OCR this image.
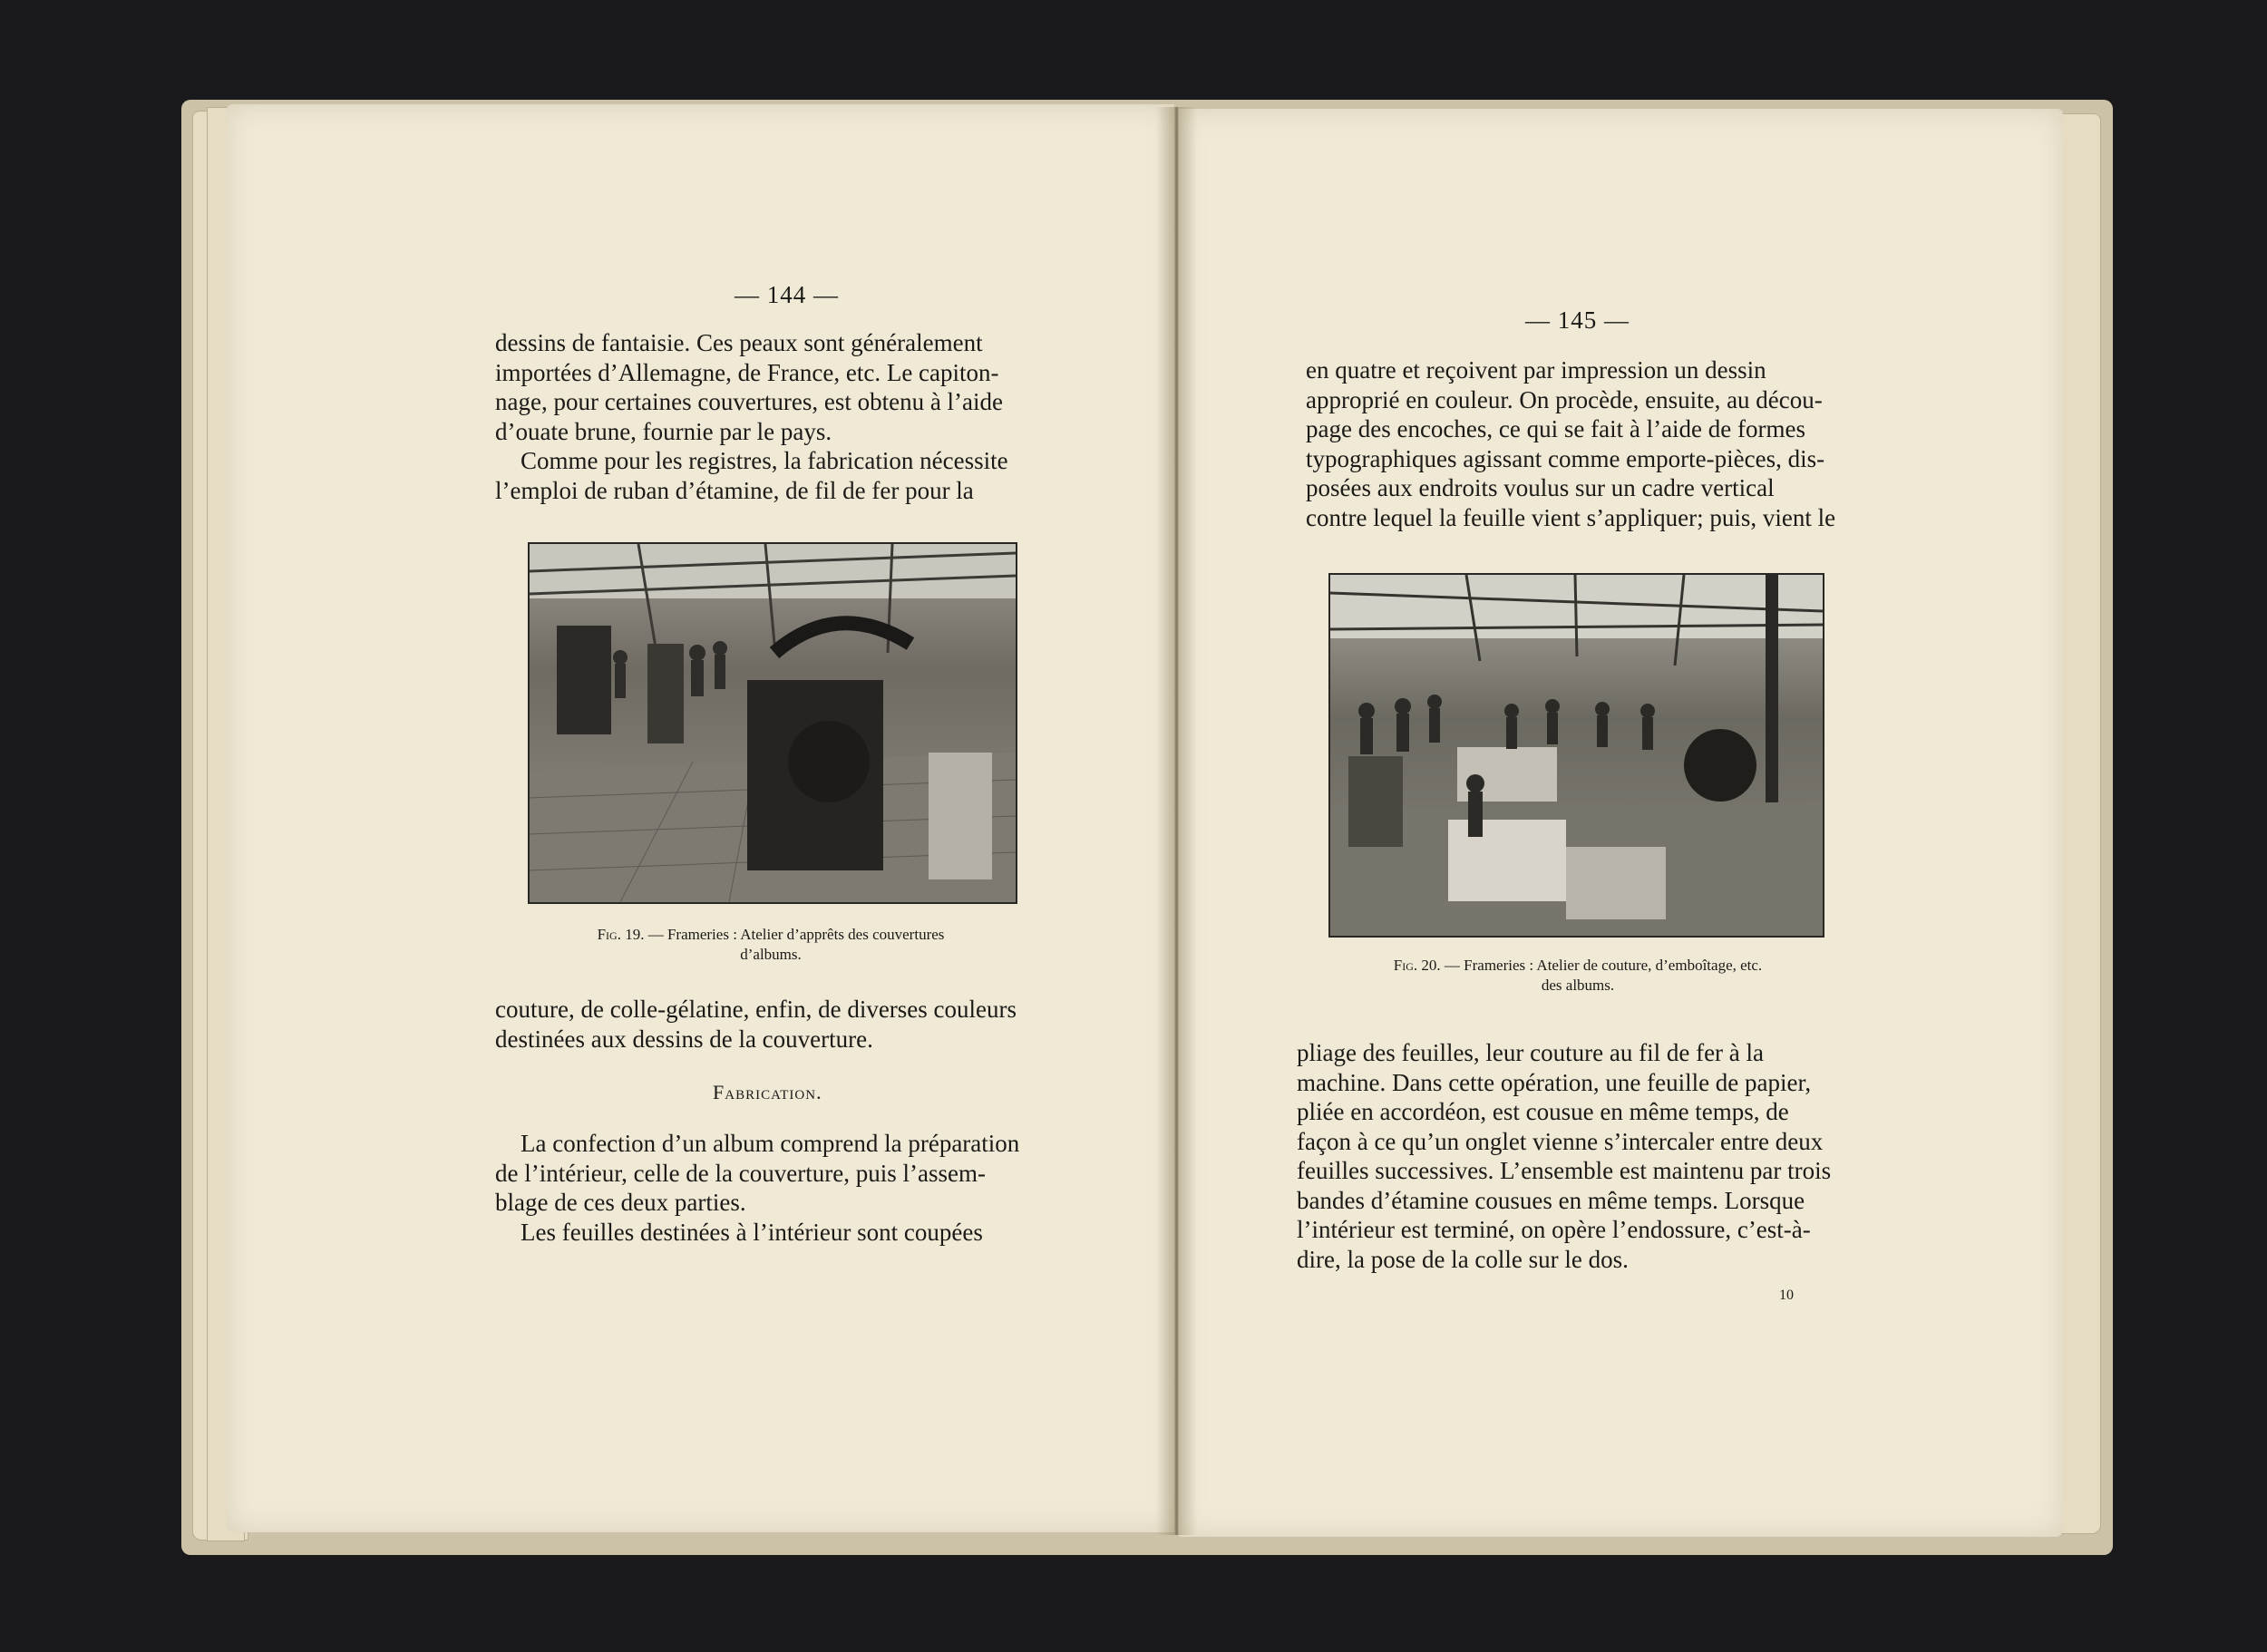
— 144 —

dessins de fantaisie. Ces peaux sont généralement

importées d’Allemagne, de France, etc. Le capiton-

nage, pour certaines couvertures, est obtenu à l’aide

d’ouate brune, fournie par le pays.

Comme pour les registres, la fabrication nécessite

l’emploi de ruban d’étamine, de fil de fer pour la

Fig. 19. — Frameries : Atelier d’apprêts des couvertures
d’albums.

couture, de colle-gélatine, enfin, de diverses couleurs

destinées aux dessins de la couverture.

Fabrication.

La confection d’un album comprend la préparation

de l’intérieur, celle de la couverture, puis l’assem-

blage de ces deux parties.

Les feuilles destinées à l’intérieur sont coupées

— 145 —

en quatre et reçoivent par impression un dessin

approprié en couleur. On procède, ensuite, au décou-

page des encoches, ce qui se fait à l’aide de formes

typographiques agissant comme emporte-pièces, dis-

posées aux endroits voulus sur un cadre vertical

contre lequel la feuille vient s’appliquer; puis, vient le

Fig. 20. — Frameries : Atelier de couture, d’emboîtage, etc.
des albums.

pliage des feuilles, leur couture au fil de fer à la

machine. Dans cette opération, une feuille de papier,

pliée en accordéon, est cousue en même temps, de

façon à ce qu’un onglet vienne s’intercaler entre deux

feuilles successives. L’ensemble est maintenu par trois

bandes d’étamine cousues en même temps. Lorsque

l’intérieur est terminé, on opère l’endossure, c’est-à-

dire, la pose de la colle sur le dos.

10
